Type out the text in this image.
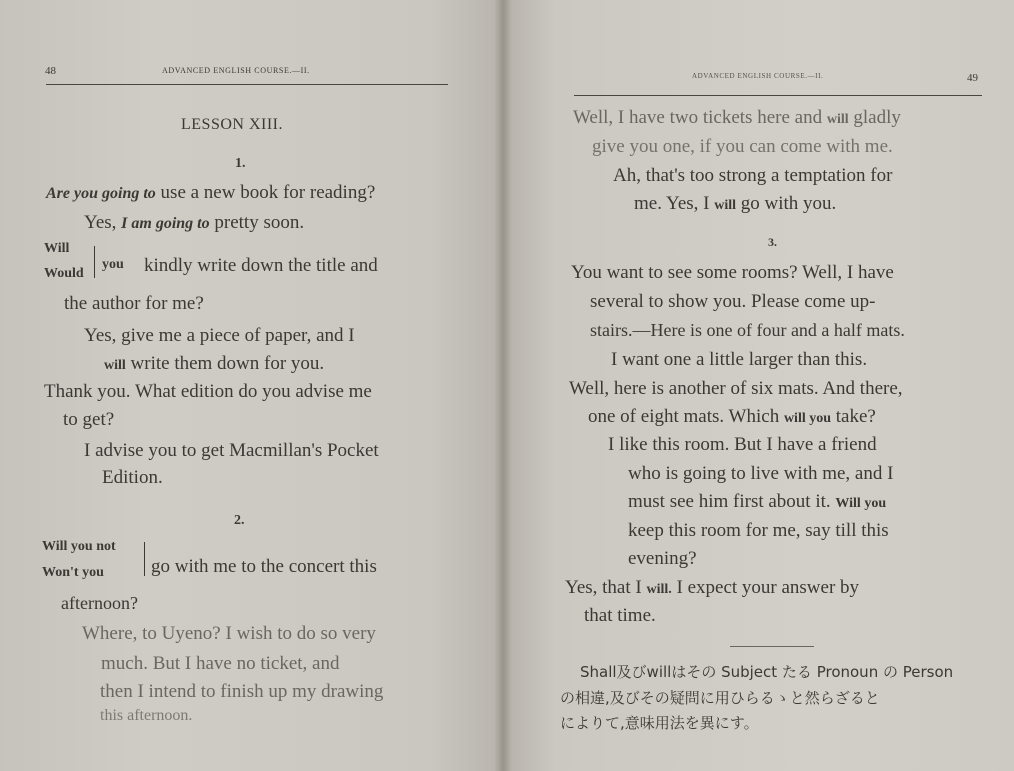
48	ADVANCED ENGLISH COURSE.—II.
LESSON XIII.
1.
Are you going to use a new book for reading?
Yes, I am going to pretty soon.
Will
Would
you kindly write down the title and
the author for me?
Yes, give me a piece of paper, and I
will write them down for you.
Thank you. What edition do you advise me
to get?
I advise you to get Macmillan's Pocket
Edition.
2.
Will you not
Won't you go with me to the concert this
afternoon?
Where, to Uyeno? I wish to do so very
much. But I have no ticket, and
then I intend to finish up my drawing
this afternoon.
ADVANCED ENGLISH COURSE.—II.	49
Well, I have two tickets here and will gladly
give you one, if you can come with me.
Ah, that's too strong a temptation for
me. Yes, I will go with you.
3.
You want to see some rooms? Well, I have
several to show you. Please come up-
stairs.—Here is one of four and a half mats.
I want one a little larger than this.
Well, here is another of six mats. And there,
one of eight mats. Which will you take?
I like this room. But I have a friend
who is going to live with me, and I
must see him first about it. Will you
keep this room for me, say till this
evening?
Yes, that I will. I expect your answer by
that time.
Shall及びwillはその Subject たる Pronoun の Person
の相違,及びその疑問に用ひらるゝと然らざると
によりて,意味用法を異にす。
